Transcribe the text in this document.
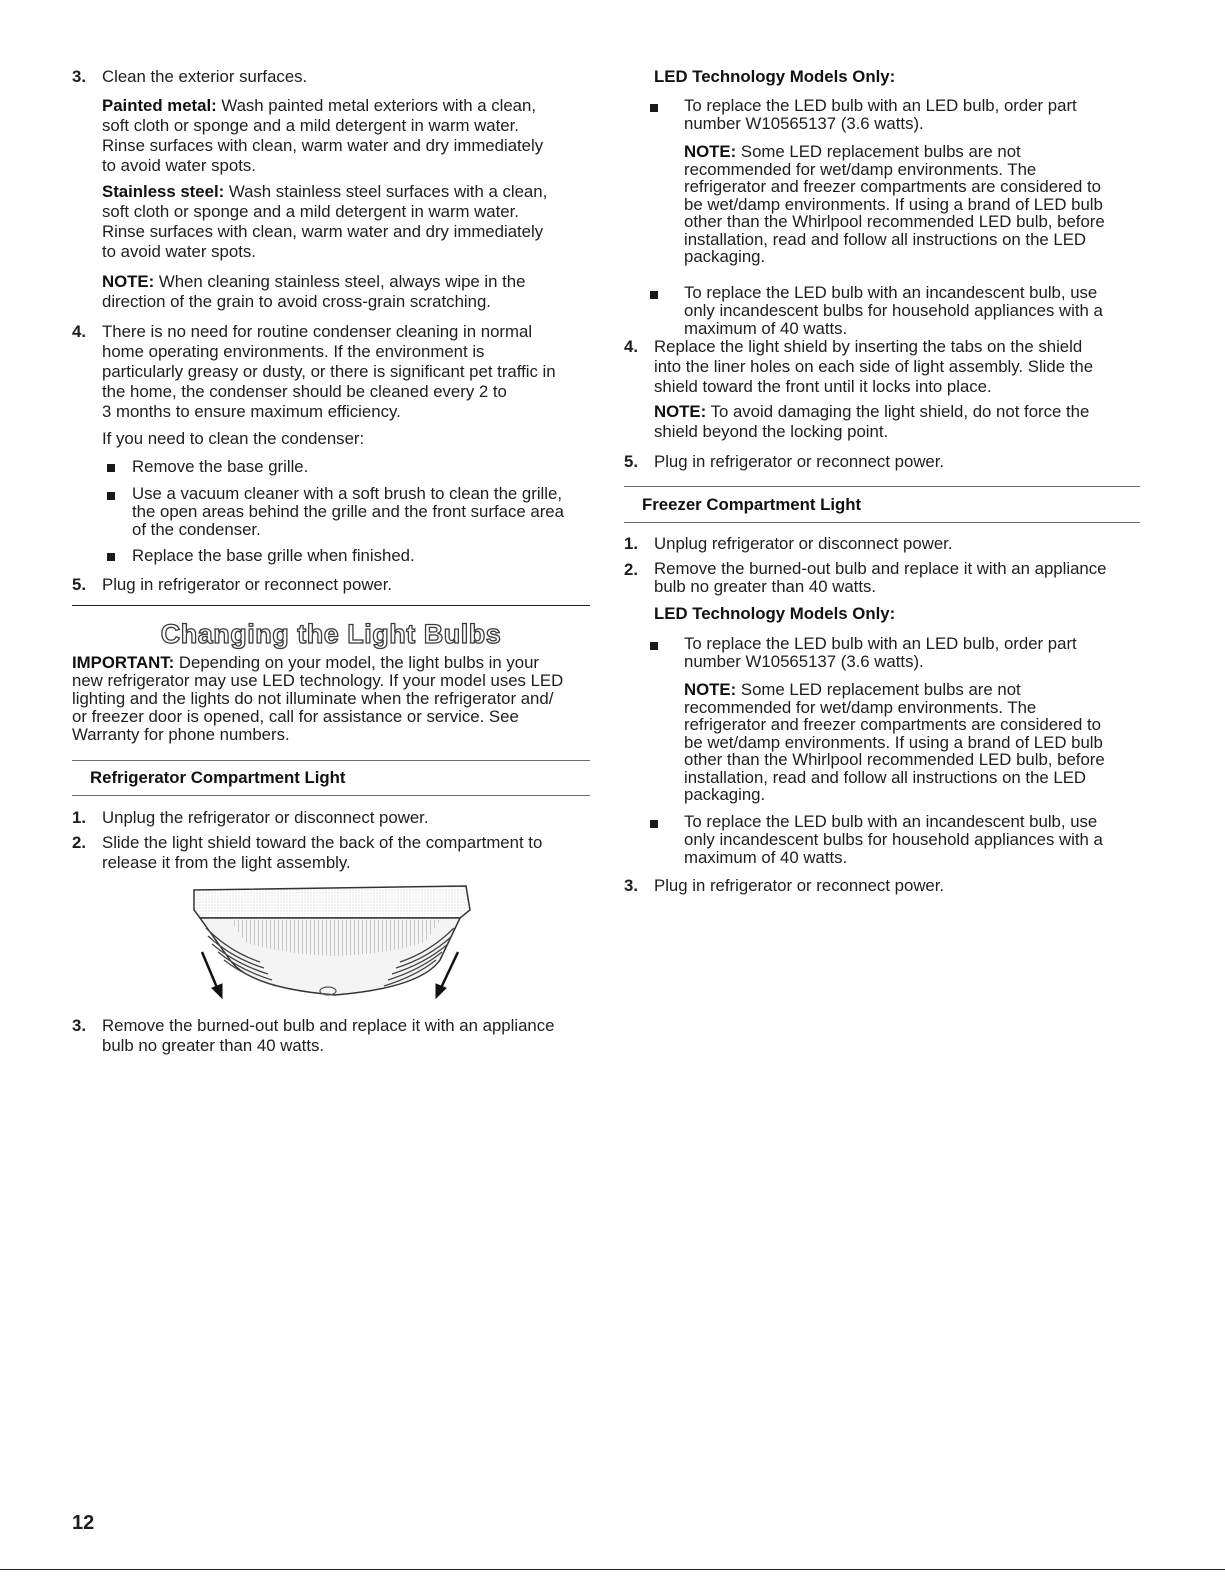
3. Clean the exterior surfaces.

Painted metal: Wash painted metal exteriors with a clean,
soft cloth or sponge and a mild detergent in warm water.
Rinse surfaces with clean, warm water and dry immediately
to avoid water spots.
Stainless steel: Wash stainless steel surfaces with a clean,
soft cloth or sponge and a mild detergent in warm water.
Rinse surfaces with clean, warm water and dry immediately
to avoid water spots.
NOTE: When cleaning stainless steel, always wipe in the
direction of the grain to avoid cross-grain scratching.
4. There is no need for routine condenser cleaning in normal
home operating environments. If the environment is
particularly greasy or dusty, or there is significant pet traffic in
the home, the condenser should be cleaned every 2 to
3 months to ensure maximum efficiency.

If you need to clean the condenser:

Remove the base grille.
Use a vacuum cleaner with a soft brush to clean the grille,
the open areas behind the grille and the front surface area
of the condenser.
Replace the base grille when finished.
5. Plug in refrigerator or reconnect power.

Changing the Light Bulbs
IMPORTANT: Depending on your model, the light bulbs in your
new refrigerator may use LED technology. If your model uses LED
lighting and the lights do not illuminate when the refrigerator and/
or freezer door is opened, call for assistance or service. See
Warranty for phone numbers.
Refrigerator Compartment Light
1. Unplug the refrigerator or disconnect power.
2. Slide the light shield toward the back of the compartment to
release it from the light assembly.
3. Remove the burned-out bulb and replace it with an appliance
bulb no greater than 40 watts.
LED Technology Models Only:
To replace the LED bulb with an LED bulb, order part
number W10565137 (3.6 watts).
NOTE: Some LED replacement bulbs are not
recommended for wet/damp environments. The
refrigerator and freezer compartments are considered to
be wet/damp environments. If using a brand of LED bulb
other than the Whirlpool recommended LED bulb, before
installation, read and follow all instructions on the LED
packaging.
To replace the LED bulb with an incandescent bulb, use
only incandescent bulbs for household appliances with a
maximum of 40 watts.
4. Replace the light shield by inserting the tabs on the shield
into the liner holes on each side of light assembly. Slide the
shield toward the front until it locks into place.
NOTE: To avoid damaging the light shield, do not force the
shield beyond the locking point.
5. Plug in refrigerator or reconnect power.

Freezer Compartment Light
1. Unplug refrigerator or disconnect power.

2. Remove the burned-out bulb and replace it with an appliance
bulb no greater than 40 watts.
LED Technology Models Only:
To replace the LED bulb with an LED bulb, order part
number W10565137 (3.6 watts).
NOTE: Some LED replacement bulbs are not
recommended for wet/damp environments. The
refrigerator and freezer compartments are considered to
be wet/damp environments. If using a brand of LED bulb
other than the Whirlpool recommended LED bulb, before
installation, read and follow all instructions on the LED
packaging.
To replace the LED bulb with an incandescent bulb, use
only incandescent bulbs for household appliances with a
maximum of 40 watts.
3. Plug in refrigerator or reconnect power.

12
